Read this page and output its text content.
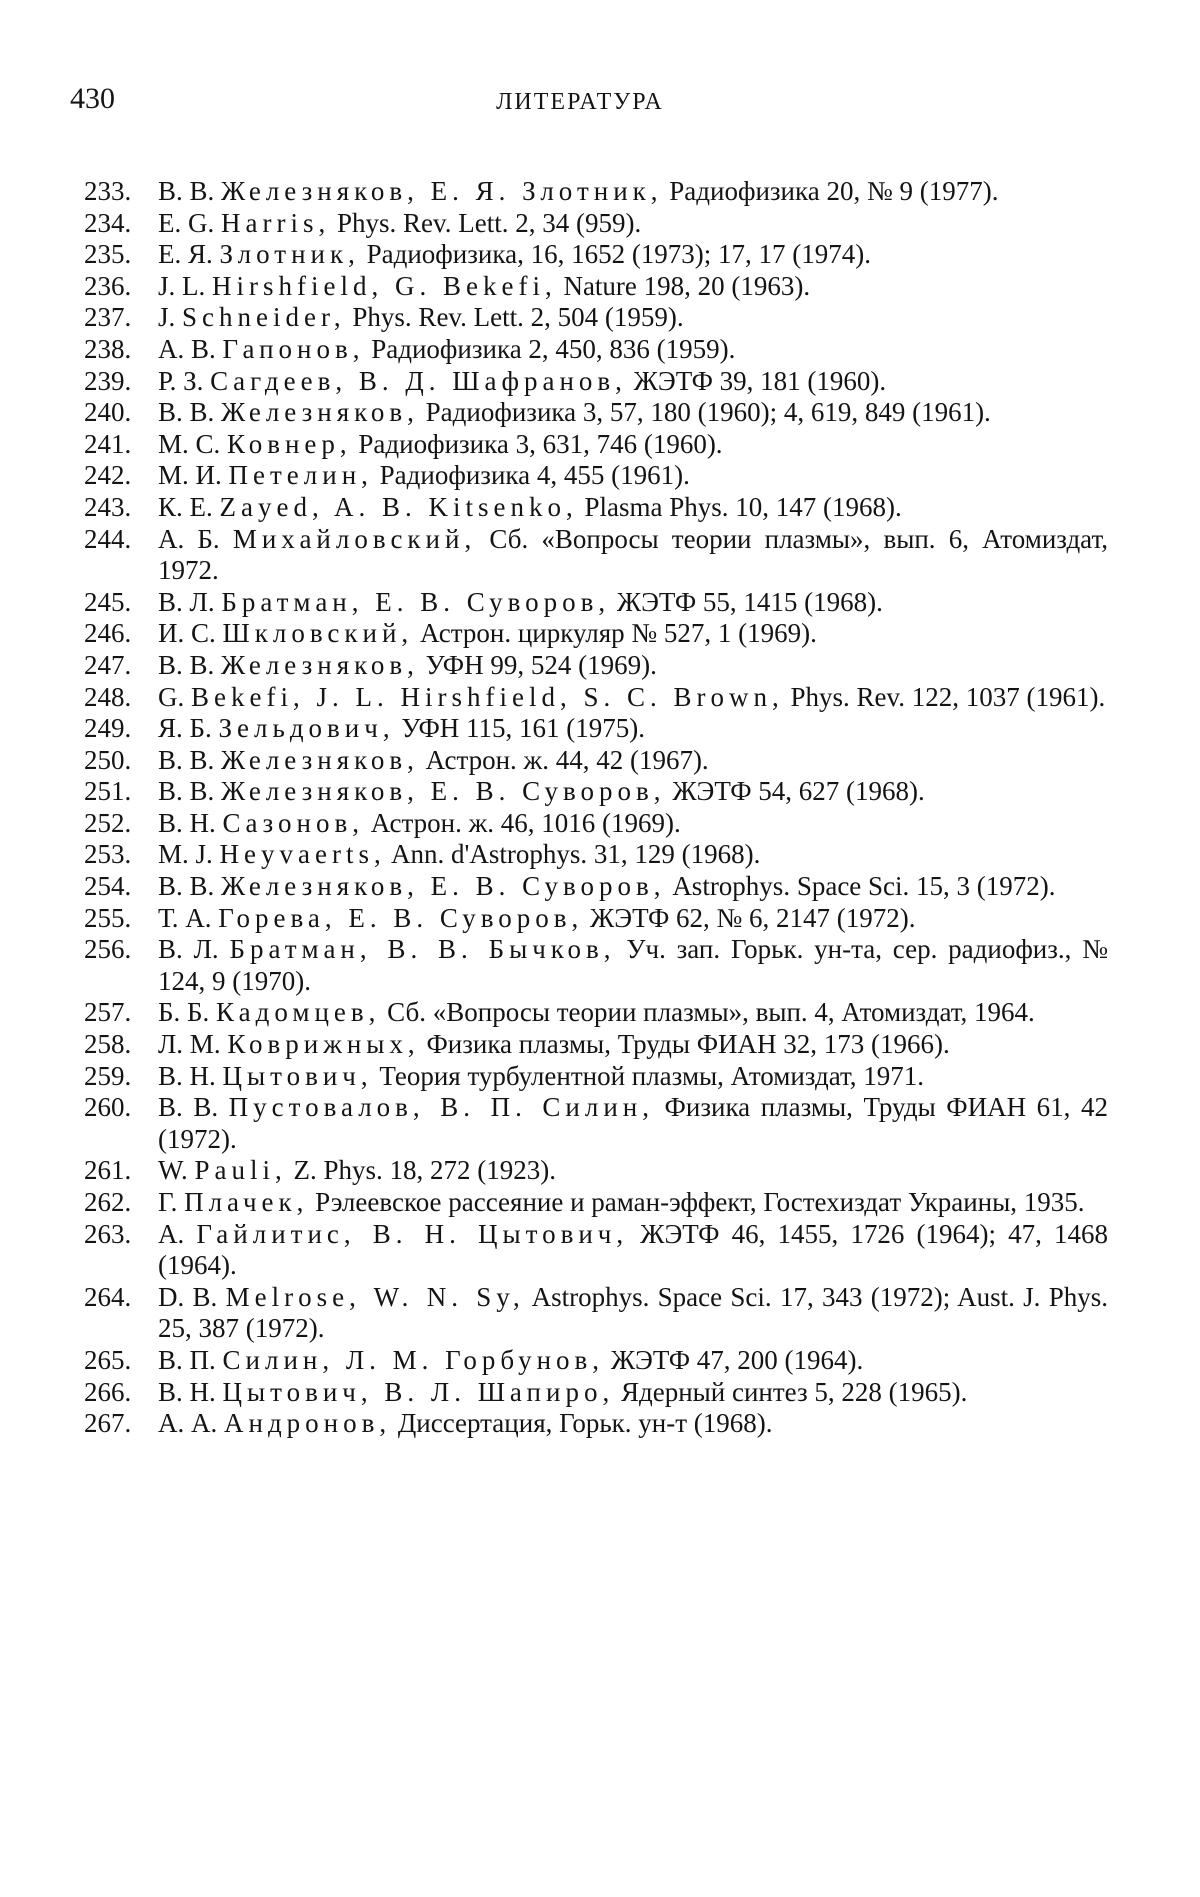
430	ЛИТЕРАТУРА
233. В. В. Железняков, Е. Я. Злотник, Радиофизика 20, № 9 (1977).
234. E. G. Harris, Phys. Rev. Lett. 2, 34 (959).
235. Е. Я. Злотник, Радиофизика, 16, 1652 (1973); 17, 17 (1974).
236. J. L. Hirshfield, G. Bekefi, Nature 198, 20 (1963).
237. J. Schneider, Phys. Rev. Lett. 2, 504 (1959).
238. А. В. Гапонов, Радиофизика 2, 450, 836 (1959).
239. Р. З. Сагдеев, В. Д. Шафранов, ЖЭТФ 39, 181 (1960).
240. В. В. Железняков, Радиофизика 3, 57, 180 (1960); 4, 619, 849 (1961).
241. М. С. Ковнер, Радиофизика 3, 631, 746 (1960).
242. М. И. Петелин, Радиофизика 4, 455 (1961).
243. К. Е. Zayed, A. B. Kitsenko, Plasma Phys. 10, 147 (1968).
244. А. Б. Михайловский, Сб. «Вопросы теории плазмы», вып. 6, Атомиздат, 1972.
245. В. Л. Братман, Е. В. Суворов, ЖЭТФ 55, 1415 (1968).
246. И. С. Шкловский, Астрон. циркуляр № 527, 1 (1969).
247. В. В. Железняков, УФН 99, 524 (1969).
248. G. Bekefi, J. L. Hirshfield, S. C. Brown, Phys. Rev. 122, 1037 (1961).
249. Я. Б. Зельдович, УФН 115, 161 (1975).
250. В. В. Железняков, Астрон. ж. 44, 42 (1967).
251. В. В. Железняков, Е. В. Суворов, ЖЭТФ 54, 627 (1968).
252. В. Н. Сазонов, Астрон. ж. 46, 1016 (1969).
253. M. J. Heyvaerts, Ann. d'Astrophys. 31, 129 (1968).
254. В. В. Железняков, Е. В. Суворов, Astrophys. Space Sci. 15, 3 (1972).
255. Т. А. Горева, Е. В. Суворов, ЖЭТФ 62, № 6, 2147 (1972).
256. В. Л. Братман, В. В. Бычков, Уч. зап. Горьк. ун-та, сер. радиофиз., № 124, 9 (1970).
257. Б. Б. Кадомцев, Сб. «Вопросы теории плазмы», вып. 4, Атомиздат, 1964.
258. Л. М. Коврижных, Физика плазмы, Труды ФИАН 32, 173 (1966).
259. В. Н. Цытович, Теория турбулентной плазмы, Атомиздат, 1971.
260. В. В. Пустовалов, В. П. Силин, Физика плазмы, Труды ФИАН 61, 42 (1972).
261. W. Pauli, Z. Phys. 18, 272 (1923).
262. Г. Плачек, Рэлеевское рассеяние и раман-эффект, Гостехиздат Украины, 1935.
263. А. Гайлитис, В. Н. Цытович, ЖЭТФ 46, 1455, 1726 (1964); 47, 1468 (1964).
264. D. B. Melrose, W. N. Sy, Astrophys. Space Sci. 17, 343 (1972); Aust. J. Phys. 25, 387 (1972).
265. В. П. Силин, Л. М. Горбунов, ЖЭТФ 47, 200 (1964).
266. В. Н. Цытович, В. Л. Шапиро, Ядерный синтез 5, 228 (1965).
267. А. А. Андронов, Диссертация, Горьк. ун-т (1968).
